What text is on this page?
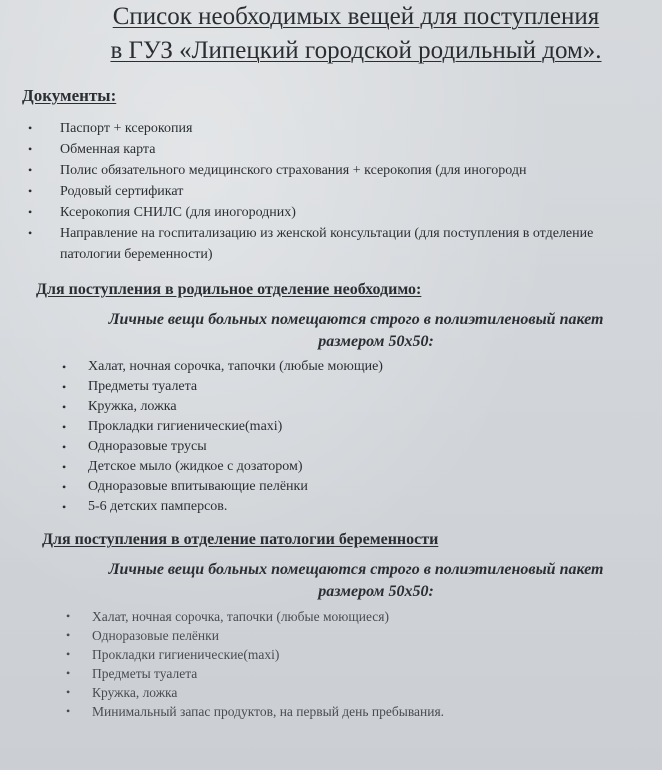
Список необходимых вещей для поступления
в ГУЗ «Липецкий городской родильный дом».
Документы:
• Паспорт + ксерокопия
• Обменная карта
• Полис обязательного медицинского страхования + ксерокопия (для иногородн
• Родовый сертификат
• Ксерокопия СНИЛС (для иногородних)
• Направление на госпитализацию из женской консультации (для поступления в отделение патологии беременности)
Для поступления в родильное отделение необходимо:
Личные вещи больных помещаются строго в полиэтиленовый пакет
размером 50х50:
• Халат, ночная сорочка, тапочки (любые моющие)
• Предметы туалета
• Кружка, ложка
• Прокладки гигиенические(maxi)
• Одноразовые трусы
• Детское мыло (жидкое с дозатором)
• Одноразовые впитывающие пелёнки
• 5-6 детских памперсов.
Для поступления в отделение патологии беременности
Личные вещи больных помещаются строго в полиэтиленовый пакет
размером 50х50:
• Халат, ночная сорочка, тапочки (любые моющиеся)
• Одноразовые пелёнки
• Прокладки гигиенические(maxi)
• Предметы туалета
• Кружка, ложка
• Минимальный запас продуктов, на первый день пребывания.
